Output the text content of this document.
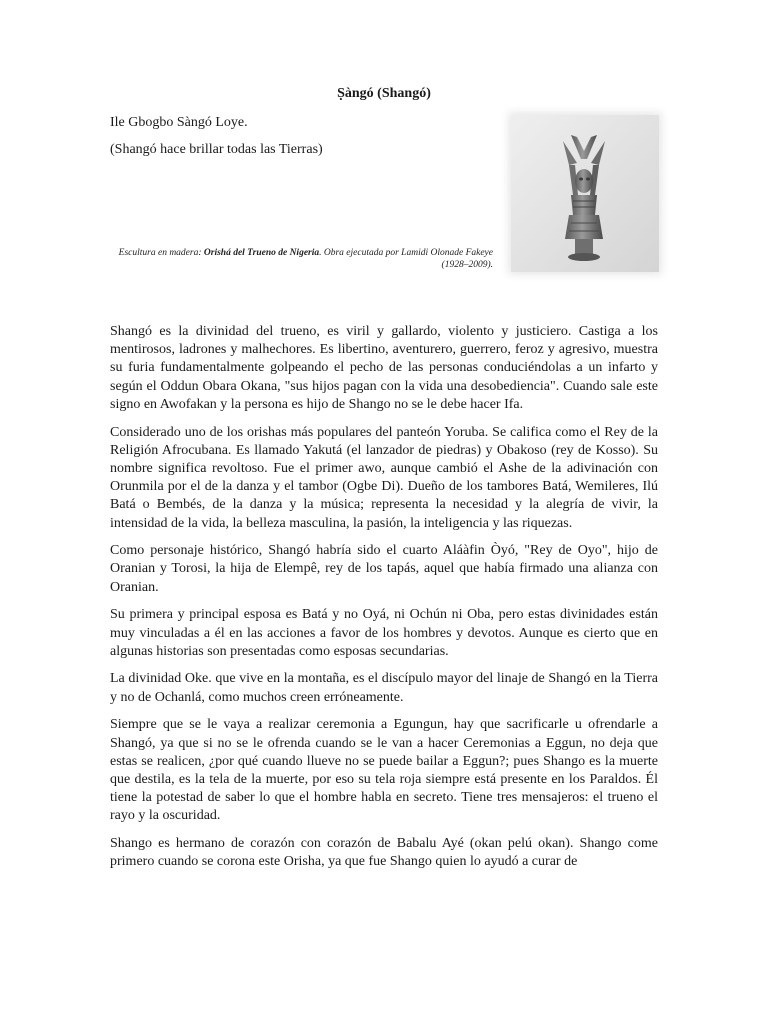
Ṣàngó (Shangó)
Ile Gbogbo Sàngó Loye.
(Shangó hace brillar todas las Tierras)
Escultura en madera: Orishá del Trueno de Nigeria. Obra ejecutada por Lamidi Olonade Fakeye (1928–2009).

Shangó es la divinidad del trueno, es viril y gallardo, violento y justiciero. Castiga a los mentirosos, ladrones y malhechores. Es libertino, aventurero, guerrero, feroz y agresivo, muestra su furia fundamentalmente golpeando el pecho de las personas conduciéndolas a un infarto y según el Oddun Obara Okana, "sus hijos pagan con la vida una desobediencia". Cuando sale este signo en Awofakan y la persona es hijo de Shango no se le debe hacer Ifa.

Considerado uno de los orishas más populares del panteón Yoruba. Se califica como el Rey de la Religión Afrocubana. Es llamado Yakutá (el lanzador de piedras) y Obakoso (rey de Kosso). Su nombre significa revoltoso. Fue el primer awo, aunque cambió el Ashe de la adivinación con Orunmila por el de la danza y el tambor (Ogbe Di). Dueño de los tambores Batá, Wemileres, Ilú Batá o Bembés, de la danza y la música; representa la necesidad y la alegría de vivir, la intensidad de la vida, la belleza masculina, la pasión, la inteligencia y las riquezas.

Como personaje histórico, Shangó habría sido el cuarto Aláàfin Òyó, "Rey de Oyo", hijo de Oranian y Torosi, la hija de Elempê, rey de los tapás, aquel que había firmado una alianza con Oranian.

Su primera y principal esposa es Batá y no Oyá, ni Ochún ni Oba, pero estas divinidades están muy vinculadas a él en las acciones a favor de los hombres y devotos. Aunque es cierto que en algunas historias son presentadas como esposas secundarias.

La divinidad Oke. que vive en la montaña, es el discípulo mayor del linaje de Shangó en la Tierra y no de Ochanlá, como muchos creen erróneamente.

Siempre que se le vaya a realizar ceremonia a Egungun, hay que sacrificarle u ofrendarle a Shangó, ya que si no se le ofrenda cuando se le van a hacer Ceremonias a Eggun, no deja que estas se realicen, ¿por qué cuando llueve no se puede bailar a Eggun?; pues Shango es la muerte que destila, es la tela de la muerte, por eso su tela roja siempre está presente en los Paraldos. Él tiene la potestad de saber lo que el hombre habla en secreto. Tiene tres mensajeros: el trueno el rayo y la oscuridad.

Shango es hermano de corazón con corazón de Babalu Ayé (okan pelú okan). Shango come primero cuando se corona este Orisha, ya que fue Shango quien lo ayudó a curar de
